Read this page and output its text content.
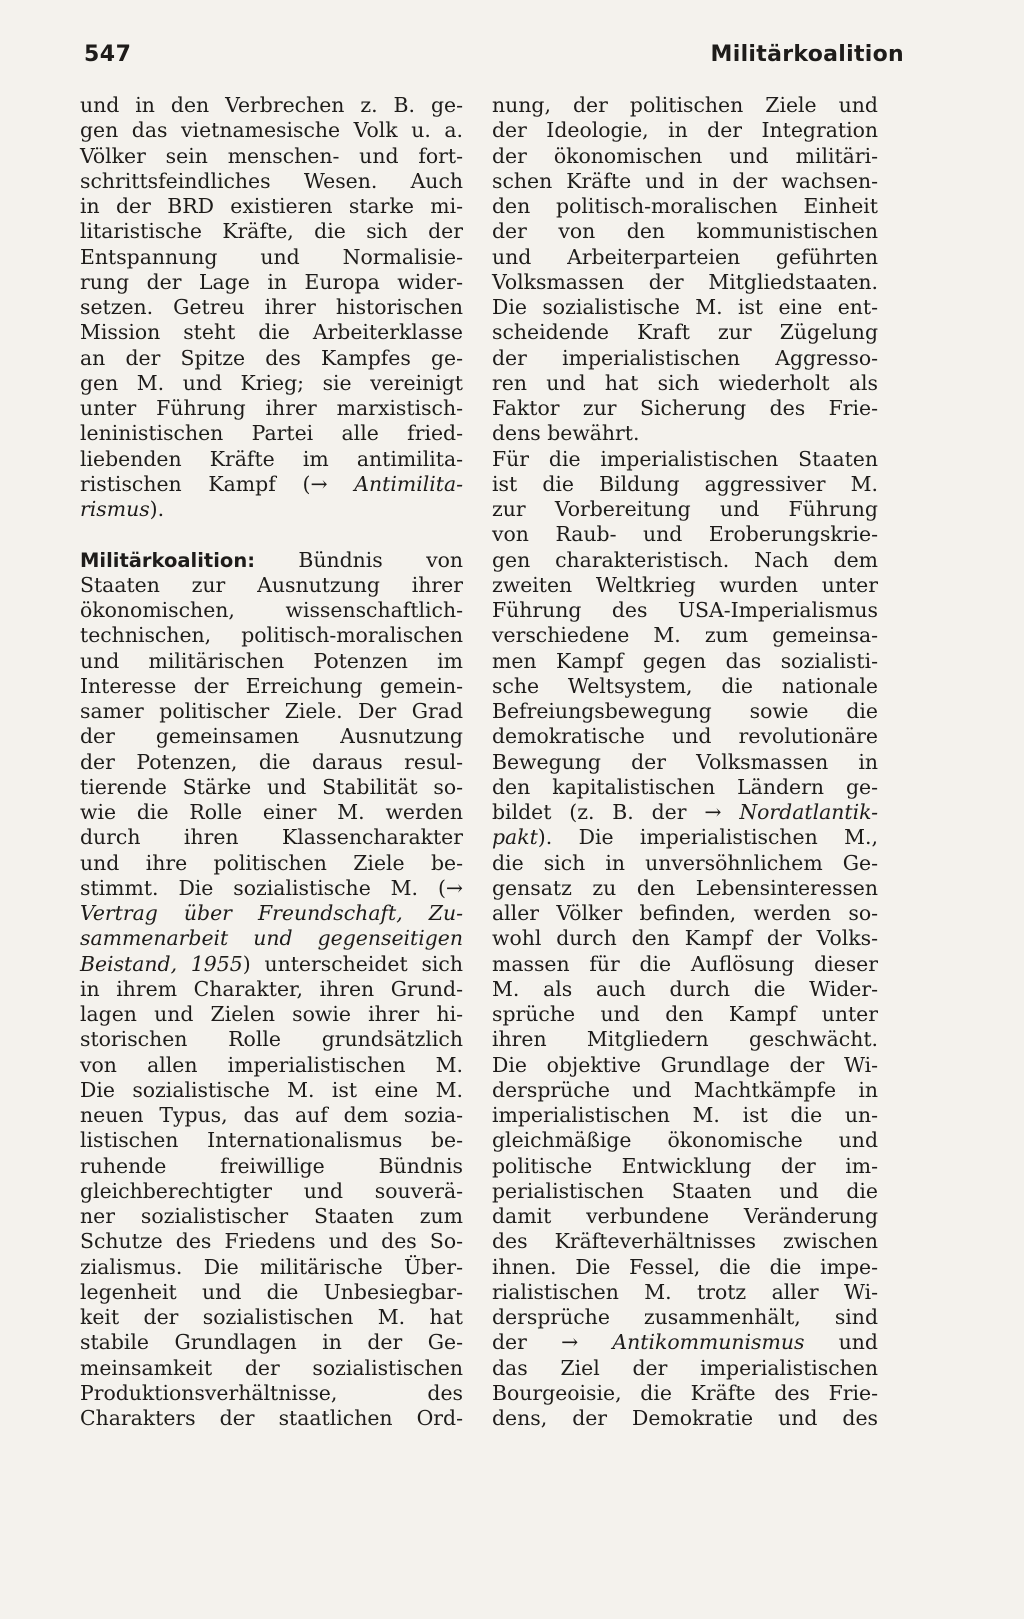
547	Militärkoalition
und in den Verbrechen z. B. ge-
gen das vietnamesische Volk u. a.
Völker sein menschen- und fort-
schrittsfeindliches Wesen. Auch
in der BRD existieren starke mi-
litaristische Kräfte, die sich der
Entspannung und Normalisie-
rung der Lage in Europa wider-
setzen. Getreu ihrer historischen
Mission steht die Arbeiterklasse
an der Spitze des Kampfes ge-
gen M. und Krieg; sie vereinigt
unter Führung ihrer marxistisch-
leninistischen Partei alle fried-
liebenden Kräfte im antimilita-
ristischen Kampf (→ Antimilita-
rismus).
Militärkoalition: Bündnis von
Staaten zur Ausnutzung ihrer
ökonomischen, wissenschaftlich-
technischen, politisch-moralischen
und militärischen Potenzen im
Interesse der Erreichung gemein-
samer politischer Ziele. Der Grad
der gemeinsamen Ausnutzung
der Potenzen, die daraus resul-
tierende Stärke und Stabilität so-
wie die Rolle einer M. werden
durch ihren Klassencharakter
und ihre politischen Ziele be-
stimmt. Die sozialistische M. (→
Vertrag über Freundschaft, Zu-
sammenarbeit und gegenseitigen
Beistand, 1955) unterscheidet sich
in ihrem Charakter, ihren Grund-
lagen und Zielen sowie ihrer hi-
storischen Rolle grundsätzlich
von allen imperialistischen M.
Die sozialistische M. ist eine M.
neuen Typus, das auf dem sozia-
listischen Internationalismus be-
ruhende freiwillige Bündnis
gleichberechtigter und souverä-
ner sozialistischer Staaten zum
Schutze des Friedens und des So-
zialismus. Die militärische Über-
legenheit und die Unbesiegbar-
keit der sozialistischen M. hat
stabile Grundlagen in der Ge-
meinsamkeit der sozialistischen
Produktionsverhältnisse, des
Charakters der staatlichen Ord-
nung, der politischen Ziele und
der Ideologie, in der Integration
der ökonomischen und militäri-
schen Kräfte und in der wachsen-
den politisch-moralischen Einheit
der von den kommunistischen
und Arbeiterparteien geführten
Volksmassen der Mitgliedstaaten.
Die sozialistische M. ist eine ent-
scheidende Kraft zur Zügelung
der imperialistischen Aggresso-
ren und hat sich wiederholt als
Faktor zur Sicherung des Frie-
dens bewährt.
Für die imperialistischen Staaten
ist die Bildung aggressiver M.
zur Vorbereitung und Führung
von Raub- und Eroberungskrie-
gen charakteristisch. Nach dem
zweiten Weltkrieg wurden unter
Führung des USA-Imperialismus
verschiedene M. zum gemeinsa-
men Kampf gegen das sozialisti-
sche Weltsystem, die nationale
Befreiungsbewegung sowie die
demokratische und revolutionäre
Bewegung der Volksmassen in
den kapitalistischen Ländern ge-
bildet (z. B. der → Nordatlantik-
pakt). Die imperialistischen M.,
die sich in unversöhnlichem Ge-
gensatz zu den Lebensinteressen
aller Völker befinden, werden so-
wohl durch den Kampf der Volks-
massen für die Auflösung dieser
M. als auch durch die Wider-
sprüche und den Kampf unter
ihren Mitgliedern geschwächt.
Die objektive Grundlage der Wi-
dersprüche und Machtkämpfe in
imperialistischen M. ist die un-
gleichmäßige ökonomische und
politische Entwicklung der im-
perialistischen Staaten und die
damit verbundene Veränderung
des Kräfteverhältnisses zwischen
ihnen. Die Fessel, die die impe-
rialistischen M. trotz aller Wi-
dersprüche zusammenhält, sind
der → Antikommunismus und
das Ziel der imperialistischen
Bourgeoisie, die Kräfte des Frie-
dens, der Demokratie und des
